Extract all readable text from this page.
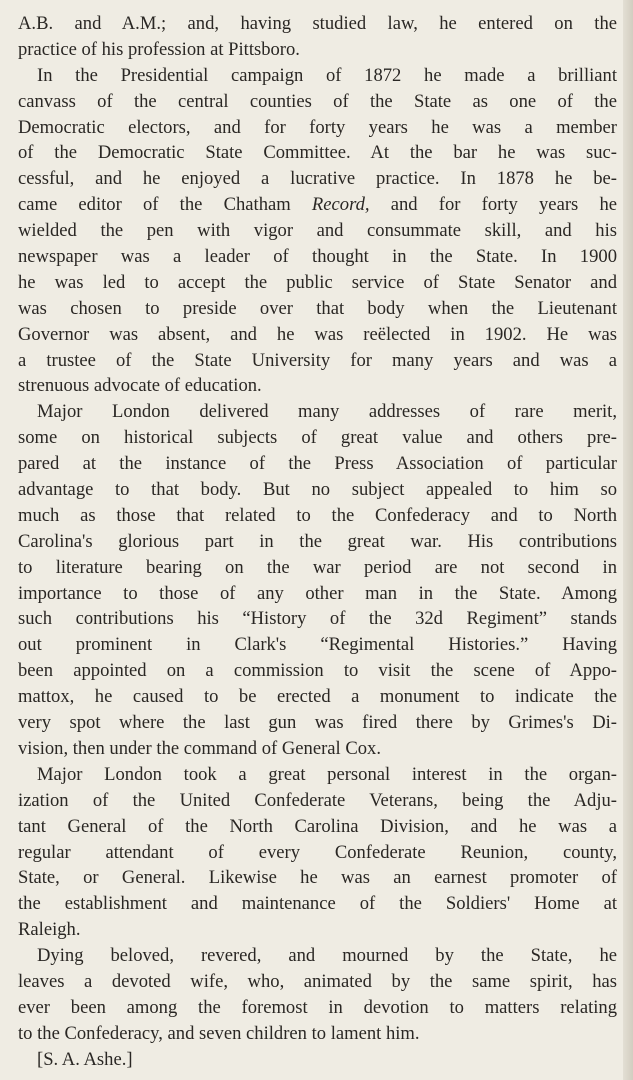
A.B. and A.M.; and, having studied law, he entered on the
practice of his profession at Pittsboro.
In the Presidential campaign of 1872 he made a brilliant
canvass of the central counties of the State as one of the
Democratic electors, and for forty years he was a member
of the Democratic State Committee. At the bar he was suc-
cessful, and he enjoyed a lucrative practice. In 1878 he be-
came editor of the Chatham Record, and for forty years he
wielded the pen with vigor and consummate skill, and his
newspaper was a leader of thought in the State. In 1900
he was led to accept the public service of State Senator and
was chosen to preside over that body when the Lieutenant
Governor was absent, and he was reëlected in 1902. He was
a trustee of the State University for many years and was a
strenuous advocate of education.
Major London delivered many addresses of rare merit,
some on historical subjects of great value and others pre-
pared at the instance of the Press Association of particular
advantage to that body. But no subject appealed to him so
much as those that related to the Confederacy and to North
Carolina's glorious part in the great war. His contributions
to literature bearing on the war period are not second in
importance to those of any other man in the State. Among
such contributions his “History of the 32d Regiment” stands
out prominent in Clark's “Regimental Histories.” Having
been appointed on a commission to visit the scene of Appo-
mattox, he caused to be erected a monument to indicate the
very spot where the last gun was fired there by Grimes's Di-
vision, then under the command of General Cox.
Major London took a great personal interest in the organ-
ization of the United Confederate Veterans, being the Adju-
tant General of the North Carolina Division, and he was a
regular attendant of every Confederate Reunion, county,
State, or General. Likewise he was an earnest promoter of
the establishment and maintenance of the Soldiers' Home at
Raleigh.
Dying beloved, revered, and mourned by the State, he
leaves a devoted wife, who, animated by the same spirit, has
ever been among the foremost in devotion to matters relating
to the Confederacy, and seven children to lament him.
[S. A. Ashe.]
